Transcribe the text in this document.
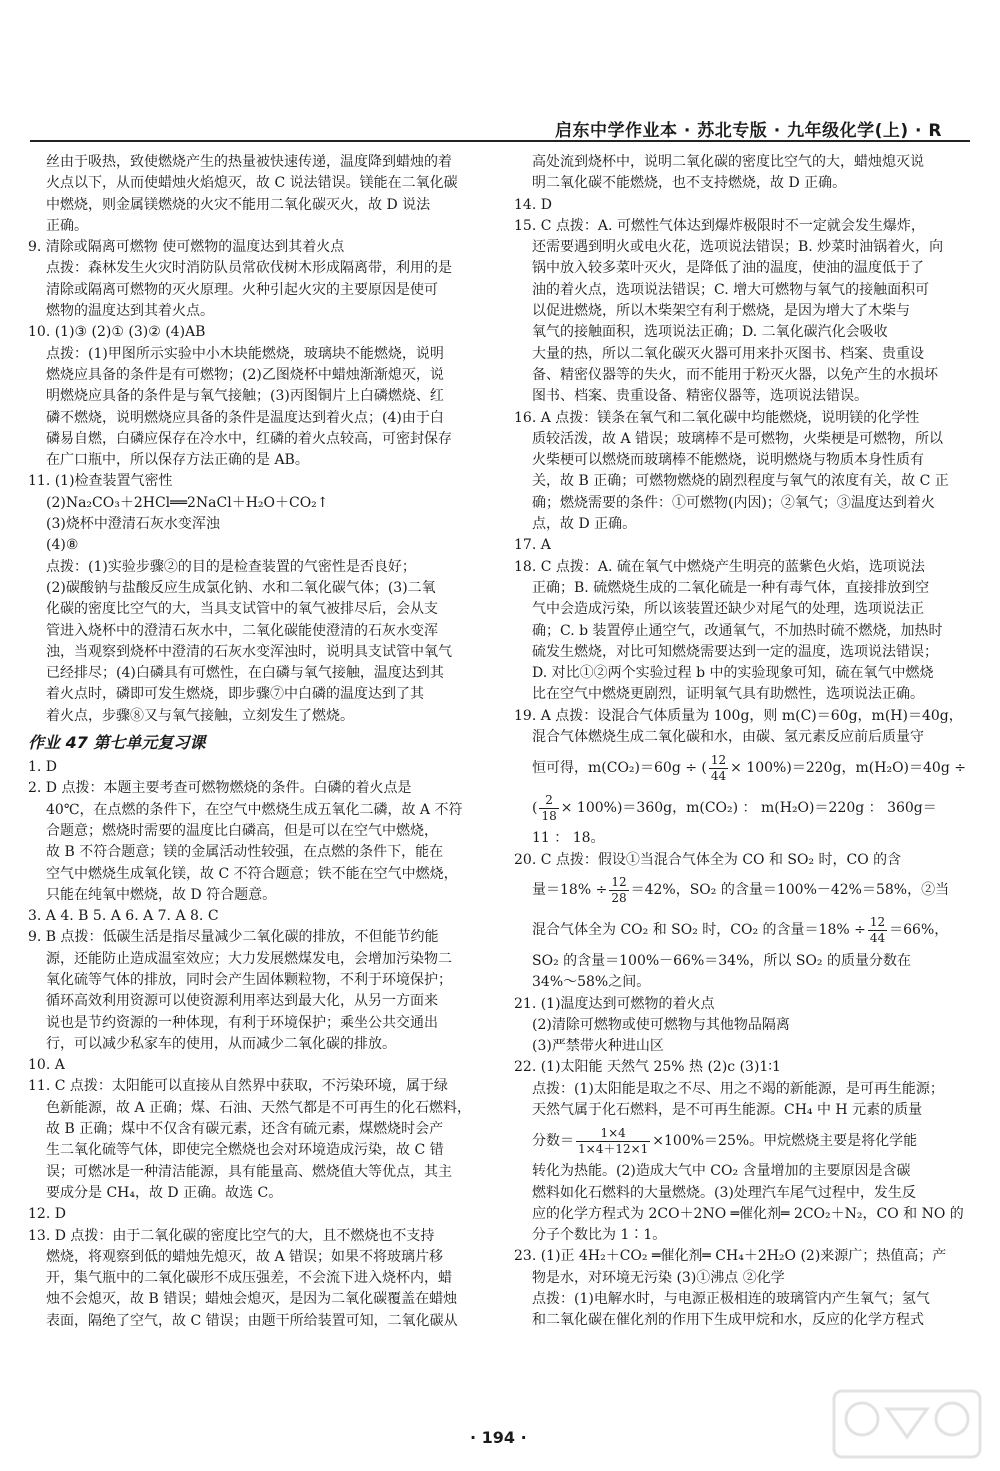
启东中学作业本 · 苏北专版 · 九年级化学(上) · R
丝由于吸热，致使燃烧产生的热量被快速传递，温度降到蜡烛的着
火点以下，从而使蜡烛火焰熄灭，故 C 说法错误。镁能在二氧化碳
中燃烧，则金属镁燃烧的火灾不能用二氧化碳灭火，故 D 说法
正确。
9. 清除或隔离可燃物 使可燃物的温度达到其着火点
点拨：森林发生火灾时消防队员常砍伐树木形成隔离带，利用的是
清除或隔离可燃物的灭火原理。火种引起火灾的主要原因是使可
燃物的温度达到其着火点。
10. (1)③ (2)① (3)② (4)AB
点拨：(1)甲图所示实验中小木块能燃烧，玻璃块不能燃烧，说明
燃烧应具备的条件是有可燃物；(2)乙图烧杯中蜡烛渐渐熄灭，说
明燃烧应具备的条件是与氧气接触；(3)丙图铜片上白磷燃烧、红
磷不燃烧，说明燃烧应具备的条件是温度达到着火点；(4)由于白
磷易自燃，白磷应保存在冷水中，红磷的着火点较高，可密封保存
在广口瓶中，所以保存方法正确的是 AB。
11. (1)检查装置气密性
(2)Na₂CO₃＋2HCl══2NaCl＋H₂O＋CO₂↑
(3)烧杯中澄清石灰水变浑浊
(4)⑧
点拨：(1)实验步骤②的目的是检查装置的气密性是否良好；
(2)碳酸钠与盐酸反应生成氯化钠、水和二氧化碳气体；(3)二氧
化碳的密度比空气的大，当具支试管中的氧气被排尽后，会从支
管进入烧杯中的澄清石灰水中，二氧化碳能使澄清的石灰水变浑
浊，当观察到烧杯中澄清的石灰水变浑浊时，说明具支试管中氧气
已经排尽；(4)白磷具有可燃性，在白磷与氧气接触，温度达到其
着火点时，磷即可发生燃烧，即步骤⑦中白磷的温度达到了其
着火点，步骤⑧又与氧气接触，立刻发生了燃烧。
作业 47 第七单元复习课
1. D
2. D 点拨：本题主要考查可燃物燃烧的条件。白磷的着火点是
40℃，在点燃的条件下，在空气中燃烧生成五氧化二磷，故 A 不符
合题意；燃烧时需要的温度比白磷高，但是可以在空气中燃烧，
故 B 不符合题意；镁的金属活动性较强，在点燃的条件下，能在
空气中燃烧生成氧化镁，故 C 不符合题意；铁不能在空气中燃烧，
只能在纯氧中燃烧，故 D 符合题意。
3. A 4. B 5. A 6. A 7. A 8. C
9. B 点拨：低碳生活是指尽量减少二氧化碳的排放，不但能节约能
源，还能防止造成温室效应；大力发展燃煤发电，会增加污染物二
氧化硫等气体的排放，同时会产生固体颗粒物，不利于环境保护；
循环高效利用资源可以使资源利用率达到最大化，从另一方面来
说也是节约资源的一种体现，有利于环境保护；乘坐公共交通出
行，可以减少私家车的使用，从而减少二氧化碳的排放。
10. A
11. C 点拨：太阳能可以直接从自然界中获取，不污染环境，属于绿
色新能源，故 A 正确；煤、石油、天然气都是不可再生的化石燃料，
故 B 正确；煤中不仅含有碳元素，还含有硫元素，煤燃烧时会产
生二氧化硫等气体，即使完全燃烧也会对环境造成污染，故 C 错
误；可燃冰是一种清洁能源，具有能量高、燃烧值大等优点，其主
要成分是 CH₄，故 D 正确。故选 C。
12. D
13. D 点拨：由于二氧化碳的密度比空气的大，且不燃烧也不支持
燃烧，将观察到低的蜡烛先熄灭，故 A 错误；如果不将玻璃片移
开，集气瓶中的二氧化碳形不成压强差，不会流下进入烧杯内，蜡
烛不会熄灭，故 B 错误；蜡烛会熄灭，是因为二氧化碳覆盖在蜡烛
表面，隔绝了空气，故 C 错误；由题干所给装置可知，二氧化碳从
高处流到烧杯中，说明二氧化碳的密度比空气的大，蜡烛熄灭说
明二氧化碳不能燃烧，也不支持燃烧，故 D 正确。
14. D
15. C 点拨：A. 可燃性气体达到爆炸极限时不一定就会发生爆炸，
还需要遇到明火或电火花，选项说法错误；B. 炒菜时油锅着火，向
锅中放入较多菜叶灭火，是降低了油的温度，使油的温度低于了
油的着火点，选项说法错误；C. 增大可燃物与氧气的接触面积可
以促进燃烧，所以木柴架空有利于燃烧，是因为增大了木柴与
氧气的接触面积，选项说法正确；D. 二氧化碳汽化会吸收
大量的热，所以二氧化碳灭火器可用来扑灭图书、档案、贵重设
备、精密仪器等的失火，而不能用于粉灭火器，以免产生的水损坏
图书、档案、贵重设备、精密仪器等，选项说法错误。
16. A 点拨：镁条在氧气和二氧化碳中均能燃烧，说明镁的化学性
质较活泼，故 A 错误；玻璃棒不是可燃物，火柴梗是可燃物，所以
火柴梗可以燃烧而玻璃棒不能燃烧，说明燃烧与物质本身性质有
关，故 B 正确；可燃物燃烧的剧烈程度与氧气的浓度有关，故 C 正
确；燃烧需要的条件：①可燃物(内因)；②氧气；③温度达到着火
点，故 D 正确。
17. A
18. C 点拨：A. 硫在氧气中燃烧产生明亮的蓝紫色火焰，选项说法
正确；B. 硫燃烧生成的二氧化硫是一种有毒气体，直接排放到空
气中会造成污染，所以该装置还缺少对尾气的处理，选项说法正
确；C. b 装置停止通空气，改通氧气，不加热时硫不燃烧，加热时
硫发生燃烧，对比可知燃烧需要达到一定的温度，选项说法错误；
D. 对比①②两个实验过程 b 中的实验现象可知，硫在氧气中燃烧
比在空气中燃烧更剧烈，证明氧气具有助燃性，选项说法正确。
19. A 点拨：设混合气体质量为 100g，则 m(C)＝60g，m(H)＝40g，
混合气体燃烧生成二氧化碳和水，由碳、氢元素反应前后质量守
恒可得，m(CO₂)＝60g ÷ ( $\frac{12}{44} \times 100\%)=220g$，m(H₂O)＝40g ÷
( $\frac{2}{18} \times 100\%)=360g$，m(CO₂) ： m(H₂O)＝220g ： 360g＝
11 ： 18。
20. C 点拨：假设①当混合气体全为 CO 和 SO₂ 时，CO 的含
量$=18\% \div \frac{12}{28} =42\%$，SO₂ 的含量＝100%－42%＝58%，②当
混合气体全为 CO₂ 和 SO₂ 时，CO₂ 的含量$=18\% \div \frac{12}{44} =66\%$，
SO₂ 的含量＝100%－66%＝34%，所以 SO₂ 的质量分数在
34%～58%之间。
21. (1)温度达到可燃物的着火点
(2)清除可燃物或使可燃物与其他物品隔离
(3)严禁带火种进山区
22. (1)太阳能 天然气 25% 热 (2)c (3)1∶1
点拨：(1)太阳能是取之不尽、用之不竭的新能源，是可再生能源；
天然气属于化石燃料，是不可再生能源。CH₄ 中 H 元素的质量
分数＝ $\frac{1\times 4}{1\times 4+12\times 1} \times 100\%=25\%$。甲烷燃烧主要是将化学能
转化为热能。(2)造成大气中 CO₂ 含量增加的主要原因是含碳
燃料如化石燃料的大量燃烧。(3)处理汽车尾气过程中，发生反
应的化学方程式为 2CO＋2NO ═催化剂═ 2CO₂＋N₂，CO 和 NO 的
分子个数比为 1∶1。
23. (1)正 4H₂＋CO₂ ═催化剂═ CH₄＋2H₂O (2)来源广；热值高；产
物是水，对环境无污染 (3)①沸点 ②化学
点拨：(1)电解水时，与电源正极相连的玻璃管内产生氧气；氢气
和二氧化碳在催化剂的作用下生成甲烷和水，反应的化学方程式
· 194 ·
